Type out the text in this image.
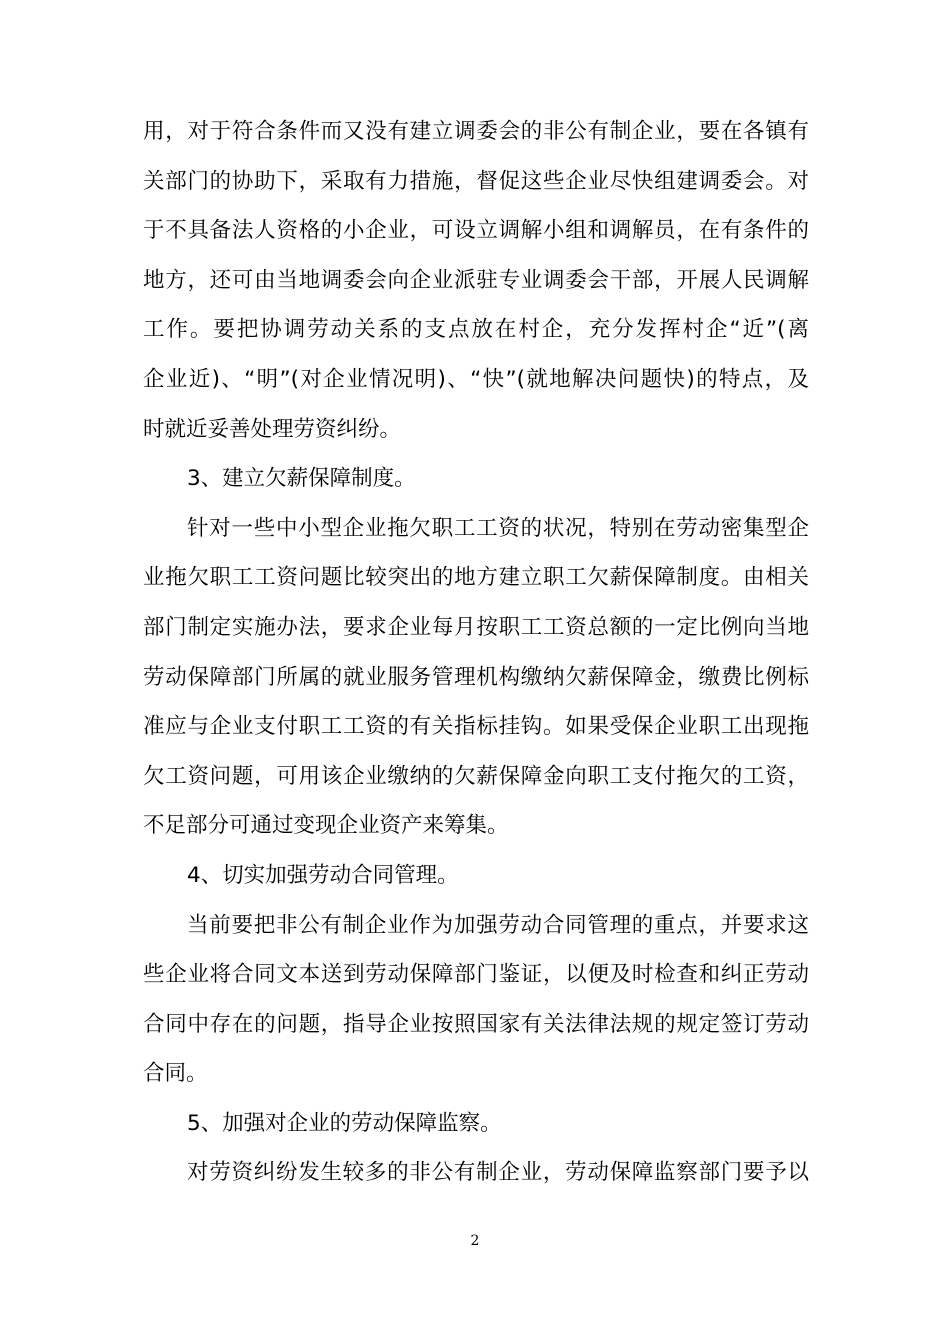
用，对于符合条件而又没有建立调委会的非公有制企业，要在各镇有
关部门的协助下，采取有力措施，督促这些企业尽快组建调委会。对
于不具备法人资格的小企业，可设立调解小组和调解员，在有条件的
地方，还可由当地调委会向企业派驻专业调委会干部，开展人民调解
工作。要把协调劳动关系的支点放在村企，充分发挥村企“近”(离
企业近)、“明”(对企业情况明)、“快”(就地解决问题快)的特点，及
时就近妥善处理劳资纠纷。
3、建立欠薪保障制度。
针对一些中小型企业拖欠职工工资的状况，特别在劳动密集型企
业拖欠职工工资问题比较突出的地方建立职工欠薪保障制度。由相关
部门制定实施办法，要求企业每月按职工工资总额的一定比例向当地
劳动保障部门所属的就业服务管理机构缴纳欠薪保障金，缴费比例标
准应与企业支付职工工资的有关指标挂钩。如果受保企业职工出现拖
欠工资问题，可用该企业缴纳的欠薪保障金向职工支付拖欠的工资，
不足部分可通过变现企业资产来筹集。
4、切实加强劳动合同管理。
当前要把非公有制企业作为加强劳动合同管理的重点，并要求这
些企业将合同文本送到劳动保障部门鉴证，以便及时检查和纠正劳动
合同中存在的问题，指导企业按照国家有关法律法规的规定签订劳动
合同。
5、加强对企业的劳动保障监察。
对劳资纠纷发生较多的非公有制企业，劳动保障监察部门要予以
2
